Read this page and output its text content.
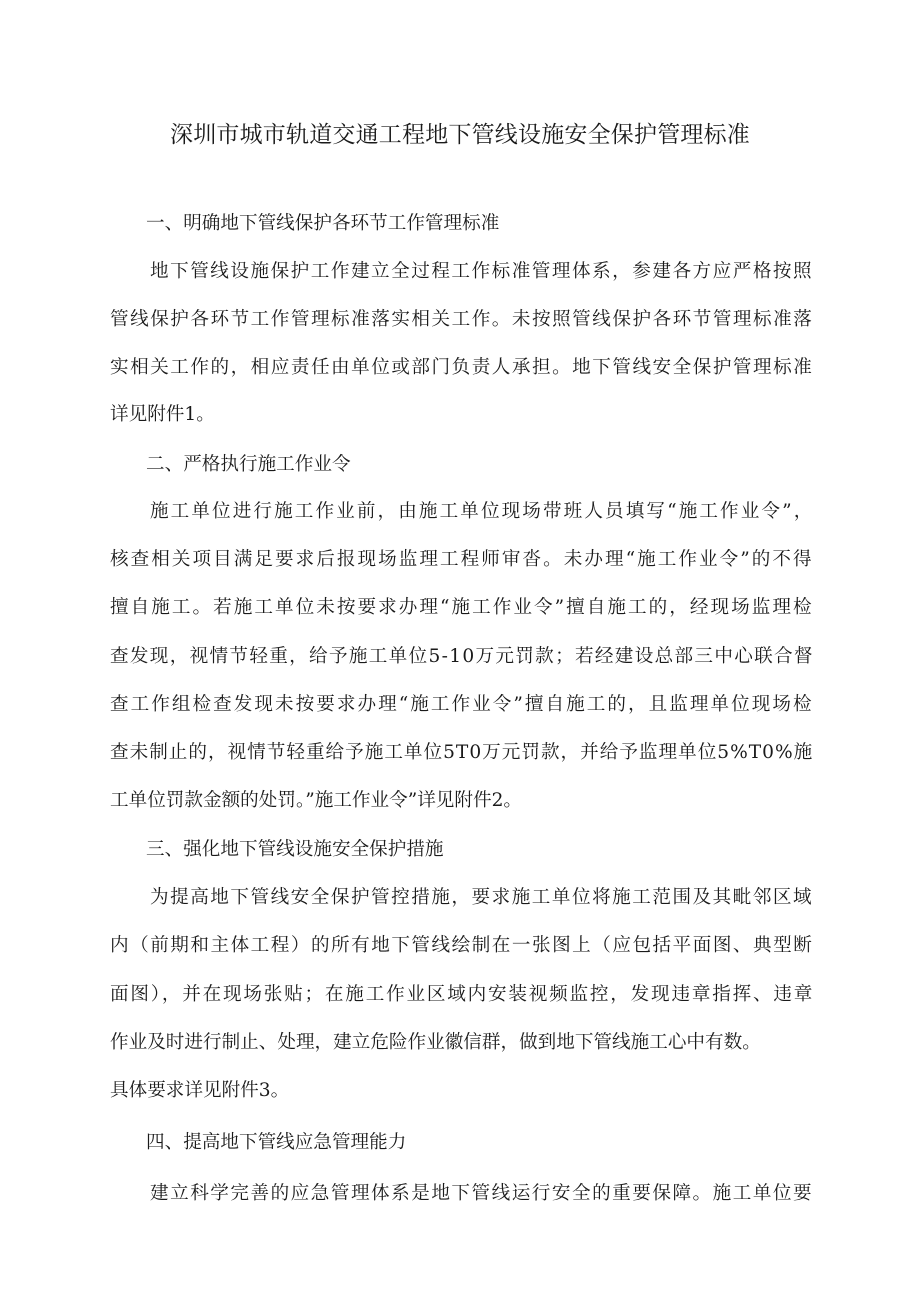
深圳市城市轨道交通工程地下管线设施安全保护管理标准
一、明确地下管线保护各环节工作管理标准

地下管线设施保护工作建立全过程工作标准管理体系，参建各方应严格按照

管线保护各环节工作管理标准落实相关工作。未按照管线保护各环节管理标准落

实相关工作的，相应责任由单位或部门负责人承担。地下管线安全保护管理标准

详见附件1。

二、严格执行施工作业令

施工单位进行施工作业前，由施工单位现场带班人员填写“施工作业令”，

核查相关项目满足要求后报现场监理工程师审沓。未办理“施工作业令”的不得

擅自施工。若施工单位未按要求办理“施工作业令”擅自施工的，经现场监理检

查发现，视情节轻重，给予施工单位5-10万元罚款；若经建设总部三中心联合督

查工作组检查发现未按要求办理“施工作业令”擅自施工的，且监理单位现场检

查未制止的，视情节轻重给予施工单位5T0万元罚款，并给予监理单位5%T0%施

工单位罚款金额的处罚。”施工作业令”详见附件2。

三、强化地下管线设施安全保护措施

为提高地下管线安全保护管控措施，要求施工单位将施工范围及其毗邻区域

内（前期和主体工程）的所有地下管线绘制在一张图上（应包括平面图、典型断

面图），并在现场张贴；在施工作业区域内安装视频监控，发现违章指挥、违章

作业及时进行制止、处理，建立危险作业徽信群，做到地下管线施工心中有数。

具体要求详见附件3。

四、提高地下管线应急管理能力

建立科学完善的应急管理体系是地下管线运行安全的重要保障。施工单位要
